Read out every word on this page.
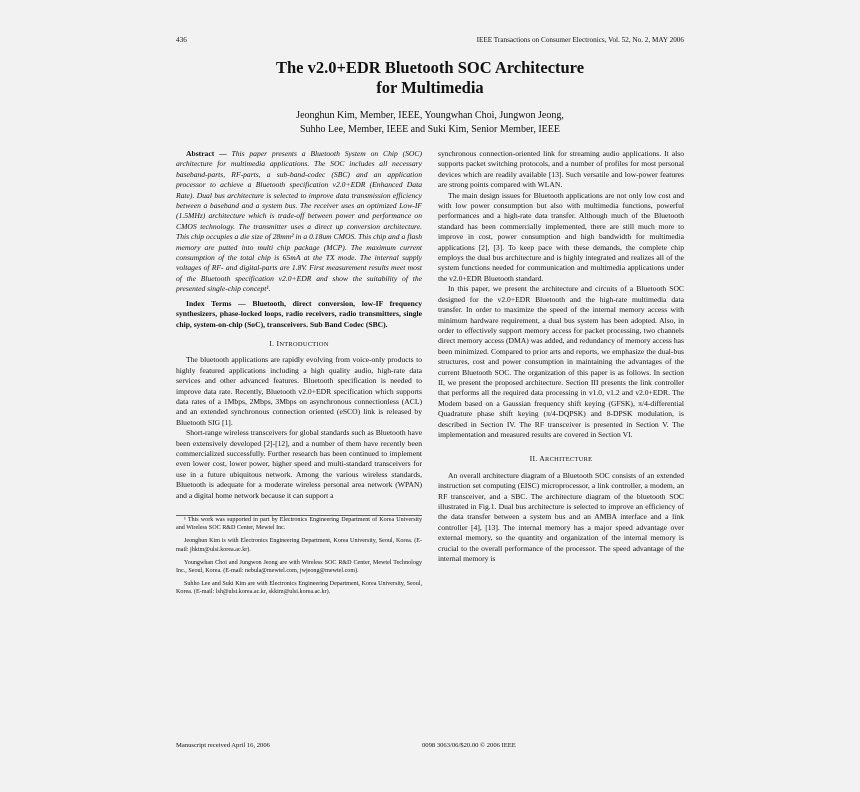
436	IEEE Transactions on Consumer Electronics, Vol. 52, No. 2, MAY 2006
The v2.0+EDR Bluetooth SOC Architecture
for Multimedia
Jeonghun Kim, Member, IEEE, Youngwhan Choi, Jungwon Jeong,
Suhho Lee, Member, IEEE and Suki Kim, Senior Member, IEEE

Abstract — This paper presents a Bluetooth System on Chip (SOC) architecture for multimedia applications. The SOC includes all necessary baseband-parts, RF-parts, a sub-band-codec (SBC) and an application processor to achieve a Bluetooth specification v2.0+EDR (Enhanced Data Rate). Dual bus architecture is selected to improve data transmission efficiency between a baseband and a system bus. The receiver uses an optimized Low-IF (1.5MHz) architecture which is trade-off between power and performance on CMOS technology. The transmitter uses a direct up conversion architecture. This chip occupies a die size of 28mm² in a 0.18um CMOS. This chip and a flash memory are putted into multi chip package (MCP). The maximum current consumption of the total chip is 65mA at the TX mode. The internal supply voltages of RF- and digital-parts are 1.8V. First measurement results meet most of the Bluetooth specification v2.0+EDR and show the suitability of the presented single-chip concept¹.

Index Terms — Bluetooth, direct conversion, low-IF frequency synthesizers, phase-locked loops, radio receivers, radio transmitters, single chip, system-on-chip (SoC), transceivers. Sub Band Codec (SBC).

I. INTRODUCTION

The bluetooth applications are rapidly evolving from voice-only products to highly featured applications including a high quality audio, high-rate data services and other advanced features. Bluetooth specification is needed to improve data rate. Recently, Bluetooth v2.0+EDR specification which supports data rates of a 1Mbps, 2Mbps, 3Mbps on asynchronous connectionless (ACL) and an extended synchronous connection oriented (eSCO) link is released by Bluetooth SIG [1].

Short-range wireless transceivers for global standards such as Bluetooth have been extensively developed [2]-[12], and a number of them have recently been commercialized successfully. Further research has been continued to implement even lower cost, lower power, higher speed and multi-standard transceivers for use in a future ubiquitous network. Among the various wireless standards, Bluetooth is adequate for a moderate wireless personal area network (WPAN) and a digital home network because it can support a

¹ This work was supported in part by Electronics Engineering Department of Korea University and Wireless SOC R&D Center, Mewtel Inc.

Jeonghun Kim is with Electronics Engineering Department, Korea University, Seoul, Korea. (E-mail: jhkim@ulsi.korea.ac.kr).

Youngwhan Choi and Jungwon Jeong are with Wireless SOC R&D Center, Mewtel Technology Inc., Seoul, Korea. (E-mail: nebula@mewtel.com, jwjeong@mewtel.com).

Suhho Lee and Suki Kim are with Electronics Engineering Department, Korea University, Seoul, Korea. (E-mail: lsh@ulsi.korea.ac.kr, skkim@ulsi.korea.ac.kr).

synchronous connection-oriented link for streaming audio applications. It also supports packet switching protocols, and a number of profiles for most personal devices which are readily available [13]. Such versatile and low-power features are strong points compared with WLAN.

The main design issues for Bluetooth applications are not only low cost and with low power consumption but also with multimedia functions, powerful performances and a high-rate data transfer. Although much of the Bluetooth standard has been commercially implemented, there are still much more to improve in cost, power consumption and high bandwidth for multimedia applications [2], [3]. To keep pace with these demands, the complete chip employs the dual bus architecture and is highly integrated and realizes all of the system functions needed for communication and multimedia applications under the v2.0+EDR Bluetooth standard.

In this paper, we present the architecture and circuits of a Bluetooth SOC designed for the v2.0+EDR Bluetooth and the high-rate multimedia data transfer. In order to maximize the speed of the internal memory access with minimum hardware requirement, a dual bus system has been adopted. Also, in order to effectively support memory access for packet processing, two channels direct memory access (DMA) was added, and redundancy of memory access has been minimized. Compared to prior arts and reports, we emphasize the dual-bus structures, cost and power consumption in maintaining the advantages of the current Bluetooth SOC. The organization of this paper is as follows. In section II, we present the proposed architecture. Section III presents the link controller that performs all the required data processing in v1.0, v1.2 and v2.0+EDR. The Modem based on a Gaussian frequency shift keying (GFSK), π/4-differential Quadrature phase shift keying (π/4-DQPSK) and 8-DPSK modulation, is described in Section IV. The RF transceiver is presented in Section V. The implementation and measured results are covered in Section VI.

II. ARCHITECTURE

An overall architecture diagram of a Bluetooth SOC consists of an extended instruction set computing (EISC) microprocessor, a link controller, a modem, an RF transceiver, and a SBC. The architecture diagram of the bluetooth SOC illustrated in Fig.1. Dual bus architecture is selected to improve an efficiency of the data transfer between a system bus and an AMBA interface and a link controller [4], [13]. The internal memory has a major speed advantage over external memory, so the quantity and organization of the internal memory is crucial to the overall performance of the processor. The speed advantage of the internal memory is

Manuscript received April 16, 2006	0098 3063/06/$20.00 © 2006 IEEE
